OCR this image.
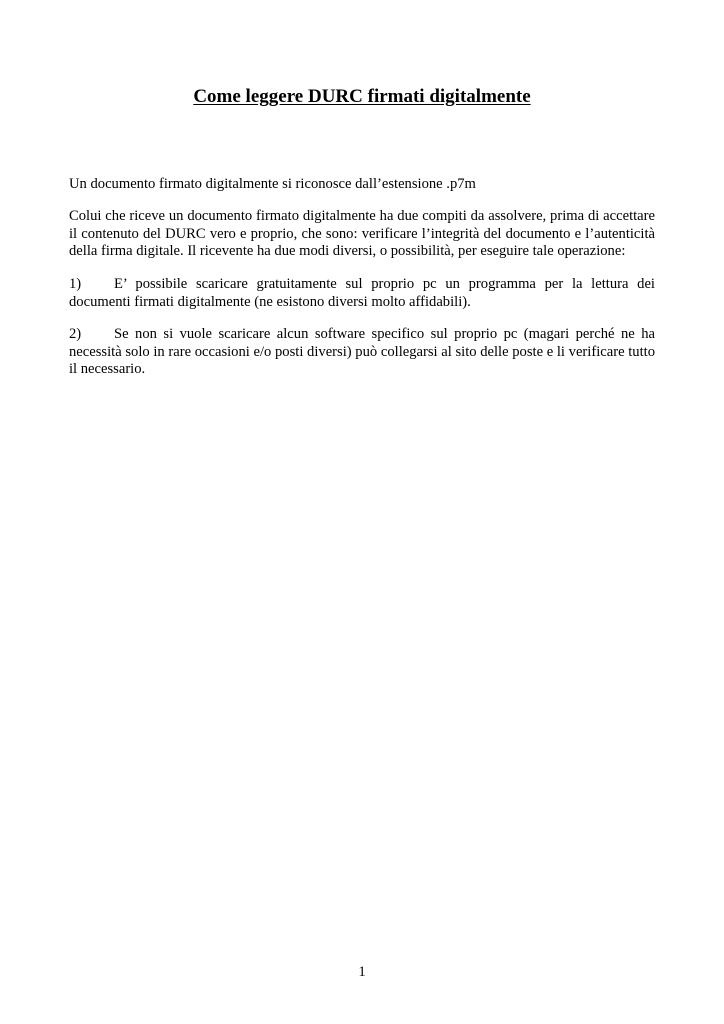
Come leggere DURC firmati digitalmente

Un documento firmato digitalmente si riconosce dall’estensione .p7m

Colui che riceve un documento firmato digitalmente ha due compiti da assolvere, prima di accettare il contenuto del DURC vero e proprio, che sono: verificare l’integrità del documento e l’autenticità della firma digitale. Il ricevente ha due modi diversi, o possibilità, per eseguire tale operazione:

1) E’ possibile scaricare gratuitamente sul proprio pc un programma per la lettura dei documenti firmati digitalmente (ne esistono diversi molto affidabili).

2) Se non si vuole scaricare alcun software specifico sul proprio pc (magari perché ne ha necessità solo in rare occasioni e/o posti diversi) può collegarsi al sito delle poste e li verificare tutto il necessario.

1
